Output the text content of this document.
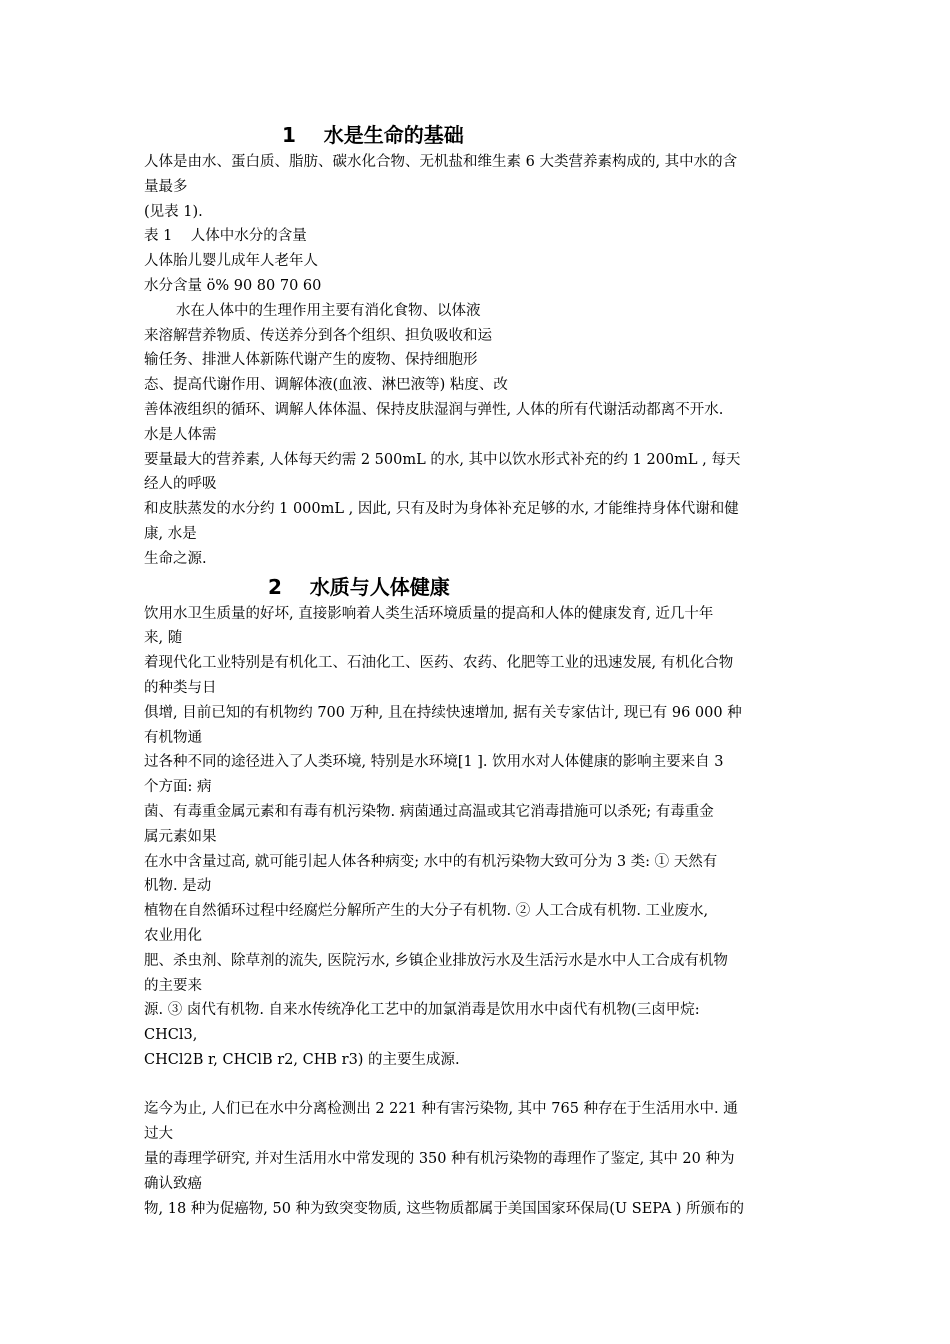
1    水是生命的基础
人体是由水、蛋白质、脂肪、碳水化合物、无机盐和维生素 6 大类营养素构成的, 其中水的含
量最多
(见表 1).
表 1    人体中水分的含量
人体胎儿婴儿成年人老年人
水分含量 ö% 90 80 70 60
水在人体中的生理作用主要有消化食物、以体液
来溶解营养物质、传送养分到各个组织、担负吸收和运
输任务、排泄人体新陈代谢产生的废物、保持细胞形
态、提高代谢作用、调解体液(血液、淋巴液等) 粘度、改
善体液组织的循环、调解人体体温、保持皮肤湿润与弹性, 人体的所有代谢活动都离不开水.
水是人体需
要量最大的营养素, 人体每天约需 2 500mL 的水, 其中以饮水形式补充的约 1 200mL , 每天
经人的呼吸
和皮肤蒸发的水分约 1 000mL , 因此, 只有及时为身体补充足够的水, 才能维持身体代谢和健
康, 水是
生命之源.
2    水质与人体健康
饮用水卫生质量的好坏, 直接影响着人类生活环境质量的提高和人体的健康发育, 近几十年
来, 随
着现代化工业特别是有机化工、石油化工、医药、农药、化肥等工业的迅速发展, 有机化合物
的种类与日
俱增, 目前已知的有机物约 700 万种, 且在持续快速增加, 据有关专家估计, 现已有 96 000 种
有机物通
过各种不同的途径进入了人类环境, 特别是水环境[1 ]. 饮用水对人体健康的影响主要来自 3
个方面: 病
菌、有毒重金属元素和有毒有机污染物. 病菌通过高温或其它消毒措施可以杀死; 有毒重金
属元素如果
在水中含量过高, 就可能引起人体各种病变; 水中的有机污染物大致可分为 3 类: ① 天然有
机物. 是动
植物在自然循环过程中经腐烂分解所产生的大分子有机物. ② 人工合成有机物. 工业废水,
农业用化
肥、杀虫剂、除草剂的流失, 医院污水, 乡镇企业排放污水及生活污水是水中人工合成有机物
的主要来
源. ③ 卤代有机物. 自来水传统净化工艺中的加氯消毒是饮用水中卤代有机物(三卤甲烷:
CHCl3,
CHCl2B r, CHClB r2, CHB r3) 的主要生成源.
迄今为止, 人们已在水中分离检测出 2 221 种有害污染物, 其中 765 种存在于生活用水中. 通
过大
量的毒理学研究, 并对生活用水中常发现的 350 种有机污染物的毒理作了鉴定, 其中 20 种为
确认致癌
物, 18 种为促癌物, 50 种为致突变物质, 这些物质都属于美国国家环保局(U SEPA ) 所颁布的
